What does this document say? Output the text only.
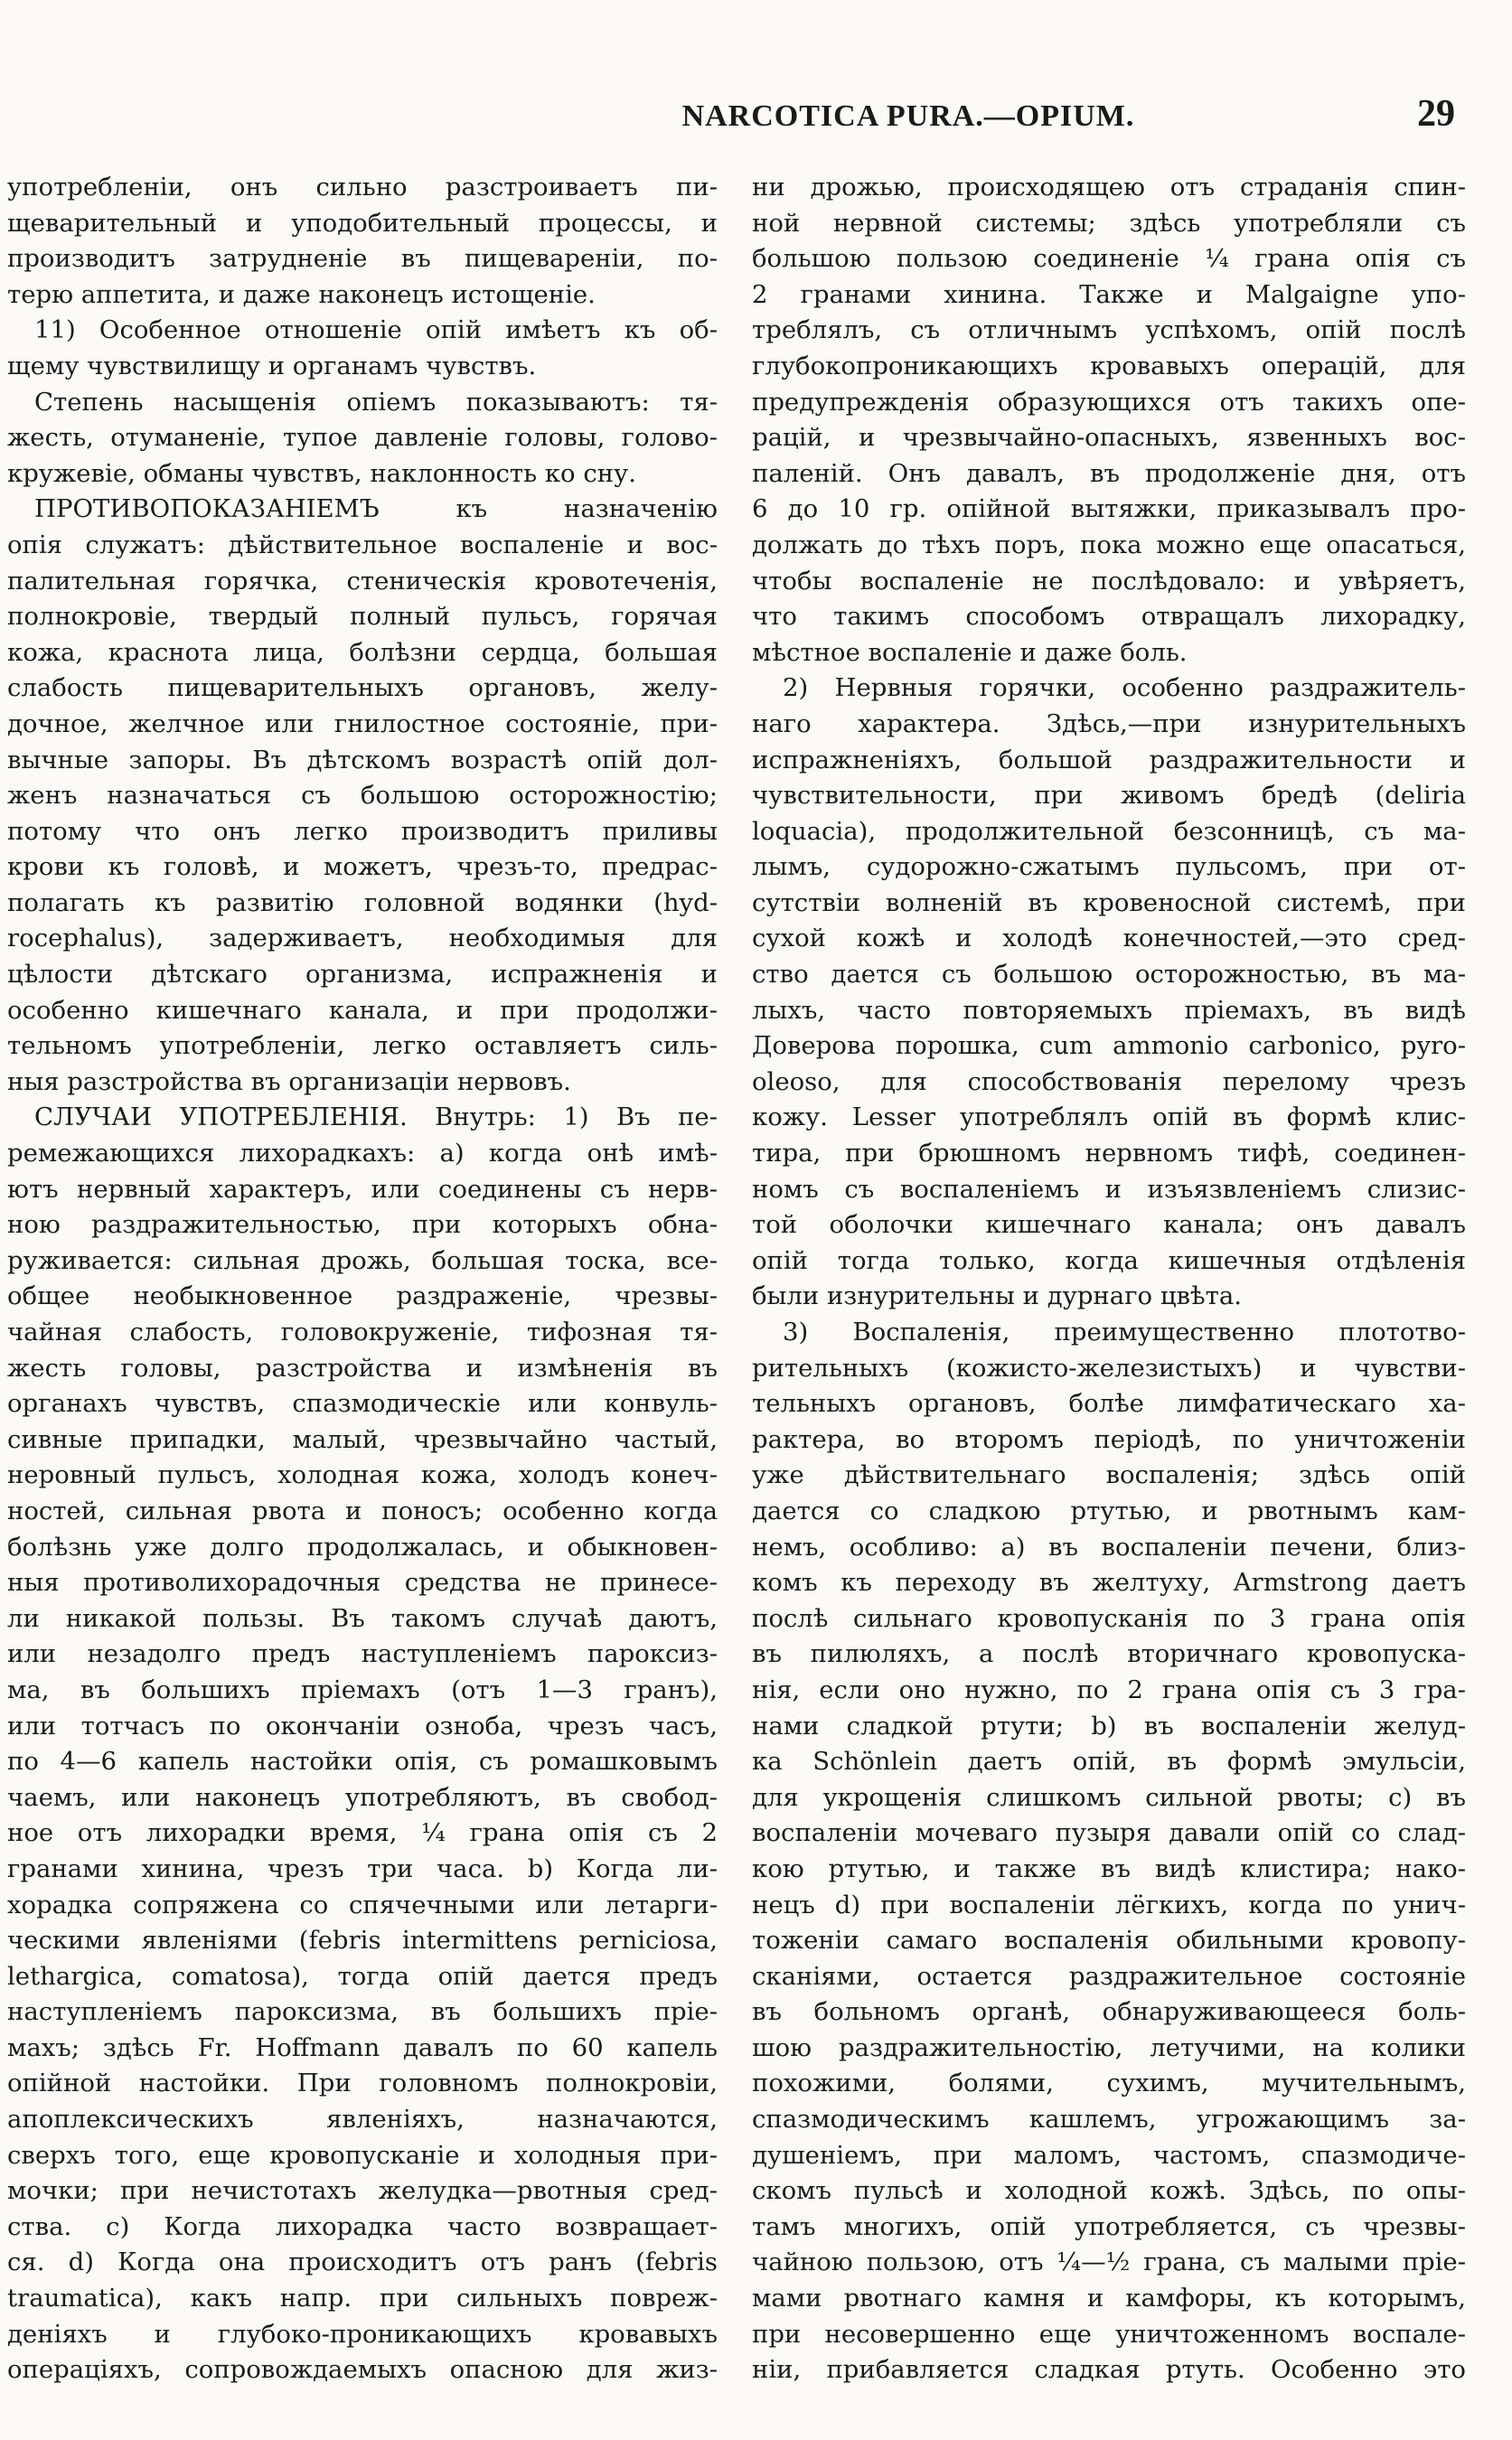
NARCOTICA PURA.—OPIUM.	29
употребленіи, онъ сильно разстроиваетъ пи-
щеварительный и уподобительный процессы, и
производитъ затрудненіе въ пищевареніи, по-
терю аппетита, и даже наконецъ истощеніе.
11) Особенное отношеніе опій имѣетъ къ об-
щему чувствилищу и органамъ чувствъ.
Степень насыщенія опіемъ показываютъ: тя-
жесть, отуманеніе, тупое давленіе головы, голово-
кружевіе, обманы чувствъ, наклонность ко сну.
ПРОТИВОПОКАЗАНІЕМЪ къ назначенію
опія служатъ: дѣйствительное воспаленіе и вос-
палительная горячка, стеническія кровотеченія,
полнокровіе, твердый полный пульсъ, горячая
кожа, краснота лица, болѣзни сердца, большая
слабость пищеварительныхъ органовъ, желу-
дочное, желчное или гнилостное состояніе, при-
вычные запоры. Въ дѣтскомъ возрастѣ опій дол-
женъ назначаться съ большою осторожностію;
потому что онъ легко производитъ приливы
крови къ головѣ, и можетъ, чрезъ-то, предрас-
полагать къ развитію головной водянки (hyd-
rocephalus), задерживаетъ, необходимыя для
цѣлости дѣтскаго организма, испражненія и
особенно кишечнаго канала, и при продолжи-
тельномъ употребленіи, легко оставляетъ силь-
ныя разстройства въ организаціи нервовъ.
СЛУЧАИ УПОТРЕБЛЕНІЯ. Внутрь: 1) Въ пе-
ремежающихся лихорадкахъ: а) когда онѣ имѣ-
ютъ нервный характеръ, или соединены съ нерв-
ною раздражительностью, при которыхъ обна-
руживается: сильная дрожь, большая тоска, все-
общее необыкновенное раздраженіе, чрезвы-
чайная слабость, головокруженіе, тифозная тя-
жесть головы, разстройства и измѣненія въ
органахъ чувствъ, спазмодическіе или конвуль-
сивные припадки, малый, чрезвычайно частый,
неровный пульсъ, холодная кожа, холодъ конеч-
ностей, сильная рвота и поносъ; особенно когда
болѣзнь уже долго продолжалась, и обыкновен-
ныя противолихорадочныя средства не принесе-
ли никакой пользы. Въ такомъ случаѣ даютъ,
или незадолго предъ наступленіемъ пароксиз-
ма, въ большихъ пріемахъ (отъ 1—3 гранъ),
или тотчасъ по окончаніи озноба, чрезъ часъ,
по 4—6 капель настойки опія, съ ромашковымъ
чаемъ, или наконецъ употребляютъ, въ свобод-
ное отъ лихорадки время, ¼ грана опія съ 2
гранами хинина, чрезъ три часа. b) Когда ли-
хорадка сопряжена со спячечными или летарги-
ческими явленіями (febris intermittens perniciosa,
lethargica, comatosa), тогда опій дается предъ
наступленіемъ пароксизма, въ большихъ пріе-
махъ; здѣсь Fr. Hoffmann давалъ по 60 капель
опійной настойки. При головномъ полнокровіи,
апоплексическихъ явленіяхъ, назначаются,
сверхъ того, еще кровопусканіе и холодныя при-
мочки; при нечистотахъ желудка—рвотныя сред-
ства. c) Когда лихорадка часто возвращает-
ся. d) Когда она происходитъ отъ ранъ (febris
traumatica), какъ напр. при сильныхъ повреж-
деніяхъ и глубоко-проникающихъ кровавыхъ
операціяхъ, сопровождаемыхъ опасною для жиз-
ни дрожью, происходящею отъ страданія спин-
ной нервной системы; здѣсь употребляли съ
большою пользою соединеніе ¼ грана опія съ
2 гранами хинина. Также и Malgaigne упо-
треблялъ, съ отличнымъ успѣхомъ, опій послѣ
глубокопроникающихъ кровавыхъ операцій, для
предупрежденія образующихся отъ такихъ опе-
рацій, и чрезвычайно-опасныхъ, язвенныхъ вос-
паленій. Онъ давалъ, въ продолженіе дня, отъ
6 до 10 гр. опійной вытяжки, приказывалъ про-
должать до тѣхъ поръ, пока можно еще опасаться,
чтобы воспаленіе не послѣдовало: и увѣряетъ,
что такимъ способомъ отвращалъ лихорадку,
мѣстное воспаленіе и даже боль.
2) Нервныя горячки, особенно раздражитель-
наго характера. Здѣсь,—при изнурительныхъ
испражненіяхъ, большой раздражительности и
чувствительности, при живомъ бредѣ (deliria
loquacia), продолжительной безсонницѣ, съ ма-
лымъ, судорожно-сжатымъ пульсомъ, при от-
сутствіи волненій въ кровеносной системѣ, при
сухой кожѣ и холодѣ конечностей,—это сред-
ство дается съ большою осторожностью, въ ма-
лыхъ, часто повторяемыхъ пріемахъ, въ видѣ
Доверова порошка, cum ammonio carbonico, pyro-
oleoso, для способствованія перелому чрезъ
кожу. Lesser употреблялъ опій въ формѣ клис-
тира, при брюшномъ нервномъ тифѣ, соединен-
номъ съ воспаленіемъ и изъязвленіемъ слизис-
той оболочки кишечнаго канала; онъ давалъ
опій тогда только, когда кишечныя отдѣленія
были изнурительны и дурнаго цвѣта.
3) Воспаленія, преимущественно плототво-
рительныхъ (кожисто-железистыхъ) и чувстви-
тельныхъ органовъ, болѣе лимфатическаго ха-
рактера, во второмъ періодѣ, по уничтоженіи
уже дѣйствительнаго воспаленія; здѣсь опій
дается со сладкою ртутью, и рвотнымъ кам-
немъ, особливо: а) въ воспаленіи печени, близ-
комъ къ переходу въ желтуху, Armstrong даетъ
послѣ сильнаго кровопусканія по 3 грана опія
въ пилюляхъ, а послѣ вторичнаго кровопуска-
нія, если оно нужно, по 2 грана опія съ 3 гра-
нами сладкой ртути; b) въ воспаленіи желуд-
ка Schönlein даетъ опій, въ формѣ эмульсіи,
для укрощенія слишкомъ сильной рвоты; c) въ
воспаленіи мочеваго пузыря давали опій со слад-
кою ртутью, и также въ видѣ клистира; нако-
нецъ d) при воспаленіи лёгкихъ, когда по унич-
тоженіи самаго воспаленія обильными кровопу-
сканіями, остается раздражительное состояніе
въ больномъ органѣ, обнаруживающееся боль-
шою раздражительностію, летучими, на колики
похожими, болями, сухимъ, мучительнымъ,
спазмодическимъ кашлемъ, угрожающимъ за-
душеніемъ, при маломъ, частомъ, спазмодиче-
скомъ пульсѣ и холодной кожѣ. Здѣсь, по опы-
тамъ многихъ, опій употребляется, съ чрезвы-
чайною пользою, отъ ¼—½ грана, съ малыми пріе-
мами рвотнаго камня и камфоры, къ которымъ,
при несовершенно еще уничтоженномъ воспале-
ніи, прибавляется сладкая ртуть. Особенно это
